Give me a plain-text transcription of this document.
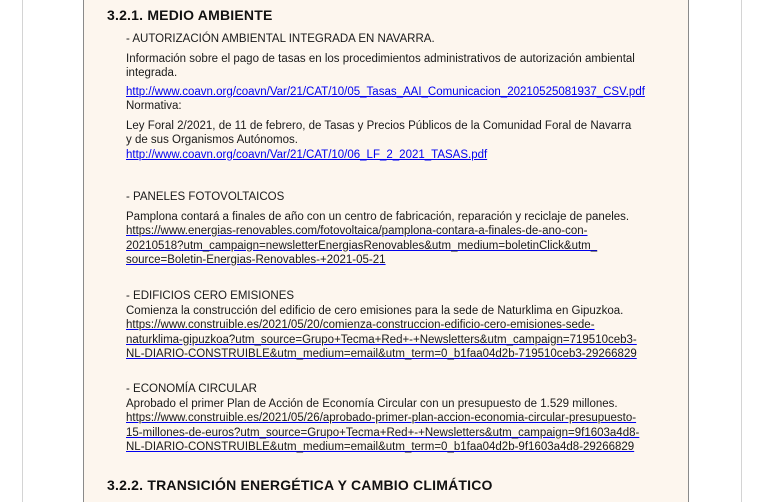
3.2.1. MEDIO AMBIENTE

- AUTORIZACIÓN AMBIENTAL INTEGRADA EN NAVARRA.

Información sobre el pago de tasas en los procedimientos administrativos de autorización ambiental

integrada.

http://www.coavn.org/coavn/Var/21/CAT/10/05_Tasas_AAI_Comunicacion_20210525081937_CSV.pdf

Normativa:

Ley Foral 2/2021, de 11 de febrero, de Tasas y Precios Públicos de la Comunidad Foral de Navarra

y de sus Organismos Autónomos.

http://www.coavn.org/coavn/Var/21/CAT/10/06_LF_2_2021_TASAS.pdf

- PANELES FOTOVOLTAICOS

Pamplona contará a finales de año con un centro de fabricación, reparación y reciclaje de paneles.

https://www.energias-renovables.com/fotovoltaica/pamplona-contara-a-finales-de-ano-con-

20210518?utm_campaign=newsletterEnergiasRenovables&utm_medium=boletinClick&utm_

source=Boletin-Energias-Renovables-+2021-05-21

- EDIFICIOS CERO EMISIONES

Comienza la construcción del edificio de cero emisiones para la sede de Naturklima en Gipuzkoa.

https://www.construible.es/2021/05/20/comienza-construccion-edificio-cero-emisiones-sede-

naturklima-gipuzkoa?utm_source=Grupo+Tecma+Red+-+Newsletters&utm_campaign=719510ceb3-

NL-DIARIO-CONSTRUIBLE&utm_medium=email&utm_term=0_b1faa04d2b-719510ceb3-29266829

- ECONOMÍA CIRCULAR

Aprobado el primer Plan de Acción de Economía Circular con un presupuesto de 1.529 millones.

https://www.construible.es/2021/05/26/aprobado-primer-plan-accion-economia-circular-presupuesto-

15-millones-de-euros?utm_source=Grupo+Tecma+Red+-+Newsletters&utm_campaign=9f1603a4d8-

NL-DIARIO-CONSTRUIBLE&utm_medium=email&utm_term=0_b1faa04d2b-9f1603a4d8-29266829

3.2.2. TRANSICIÓN ENERGÉTICA Y CAMBIO CLIMÁTICO
